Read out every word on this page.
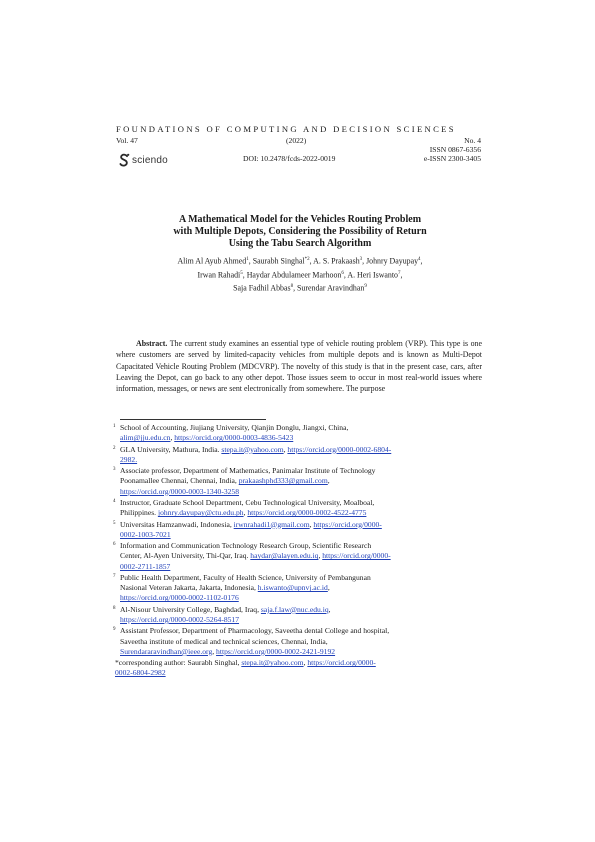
FOUNDATIONS OF COMPUTING AND DECISION SCIENCES
Vol. 47	(2022)	No. 4
ISSN 0867-6356
DOI: 10.2478/fcds-2022-0019	e-ISSN 2300-3405
sciendo
A Mathematical Model for the Vehicles Routing Problem
with Multiple Depots, Considering the Possibility of Return
Using the Tabu Search Algorithm
Alim Al Ayub Ahmed$^1$, Saurabh Singhal$^{*2}$, A. S. Prakaash$^3$, Johnry Dayupay$^4$,
Irwan Rahadi$^5$, Haydar Abdulameer Marhoon$^6$, A. Heri Iswanto$^7$,
Saja Fadhil Abbas$^8$, Surendar Aravindhan$^9$
Abstract. The current study examines an essential type of vehicle routing problem (VRP). This type is one where customers are served by limited-capacity vehicles from multiple depots and is known as Multi-Depot Capacitated Vehicle Routing Problem (MDCVRP). The novelty of this study is that in the present case, cars, after Leaving the Depot, can go back to any other depot. Those issues seem to occur in most real-world issues where information, messages, or news are sent electronically from somewhere. The purpose
1 School of Accounting, Jiujiang University, Qianjin Donglu, Jiangxi, China,
alim@jju.edu.cn, https://orcid.org/0000-0003-4836-5423
2 GLA University, Mathura, India. stepa.it@yahoo.com, https://orcid.org/0000-0002-6804-
2982.
3 Associate professor, Department of Mathematics, Panimalar Institute of Technology
Poonamallee Chennai, Chennai, India, prakaashphd333@gmail.com,
https://orcid.org/0000-0003-1340-3258
4 Instructor, Graduate School Department, Cebu Technological University, Moalboal,
Philippines. johnry.dayupay@ctu.edu.ph, https://orcid.org/0000-0002-4522-4775
5 Universitas Hamzanwadi, Indonesia, irwnrahadi1@gmail.com, https://orcid.org/0000-
0002-1003-7021
6 Information and Communication Technology Research Group, Scientific Research
Center, Al-Ayen University, Thi-Qar, Iraq. haydar@alayen.edu.iq, https://orcid.org/0000-
0002-2711-1857
7 Public Health Department, Faculty of Health Science, University of Pembangunan
Nasional Veteran Jakarta, Jakarta, Indonesia, h.iswanto@upnvj.ac.id,
https://orcid.org/0000-0002-1102-0176
8 Al-Nisour University College, Baghdad, Iraq, saja.f.law@nuc.edu.iq,
https://orcid.org/0000-0002-5264-8517
9 Assistant Professor, Department of Pharmacology, Saveetha dental College and hospital,
Saveetha institute of medical and technical sciences, Chennai, India,
Surendararavindhan@ieee.org, https://orcid.org/0000-0002-2421-9192
*corresponding author: Saurabh Singhal, stepa.it@yahoo.com, https://orcid.org/0000-
0002-6804-2982
